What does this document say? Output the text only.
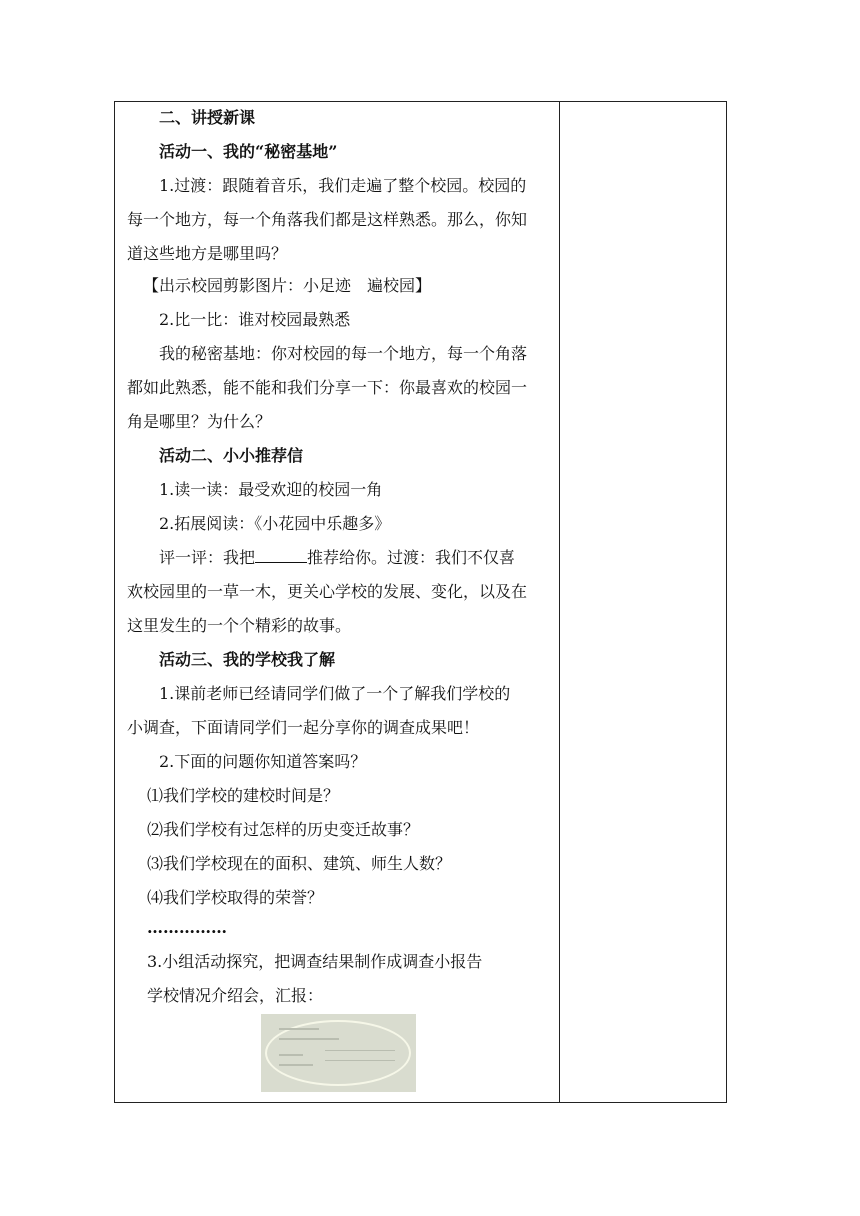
二、讲授新课
活动一、我的“秘密基地”
1.过渡：跟随着音乐，我们走遍了整个校园。校园的
每一个地方，每一个角落我们都是这样熟悉。那么，你知
道这些地方是哪里吗？
【出示校园剪影图片：小足迹　遍校园】
2.比一比：谁对校园最熟悉
我的秘密基地：你对校园的每一个地方，每一个角落
都如此熟悉，能不能和我们分享一下：你最喜欢的校园一
角是哪里？为什么？
活动二、小小推荐信
1.读一读：最受欢迎的校园一角
2.拓展阅读：《小花园中乐趣多》
评一评：我把	推荐给你。过渡：我们不仅喜
欢校园里的一草一木，更关心学校的发展、变化，以及在
这里发生的一个个精彩的故事。
活动三、我的学校我了解
1.课前老师已经请同学们做了一个了解我们学校的
小调查，下面请同学们一起分享你的调查成果吧！
2.下面的问题你知道答案吗？
⑴我们学校的建校时间是？
⑵我们学校有过怎样的历史变迁故事？
⑶我们学校现在的面积、建筑、师生人数？
⑷我们学校取得的荣誉？
……………
3.小组活动探究，把调查结果制作成调查小报告
学校情况介绍会，汇报：
